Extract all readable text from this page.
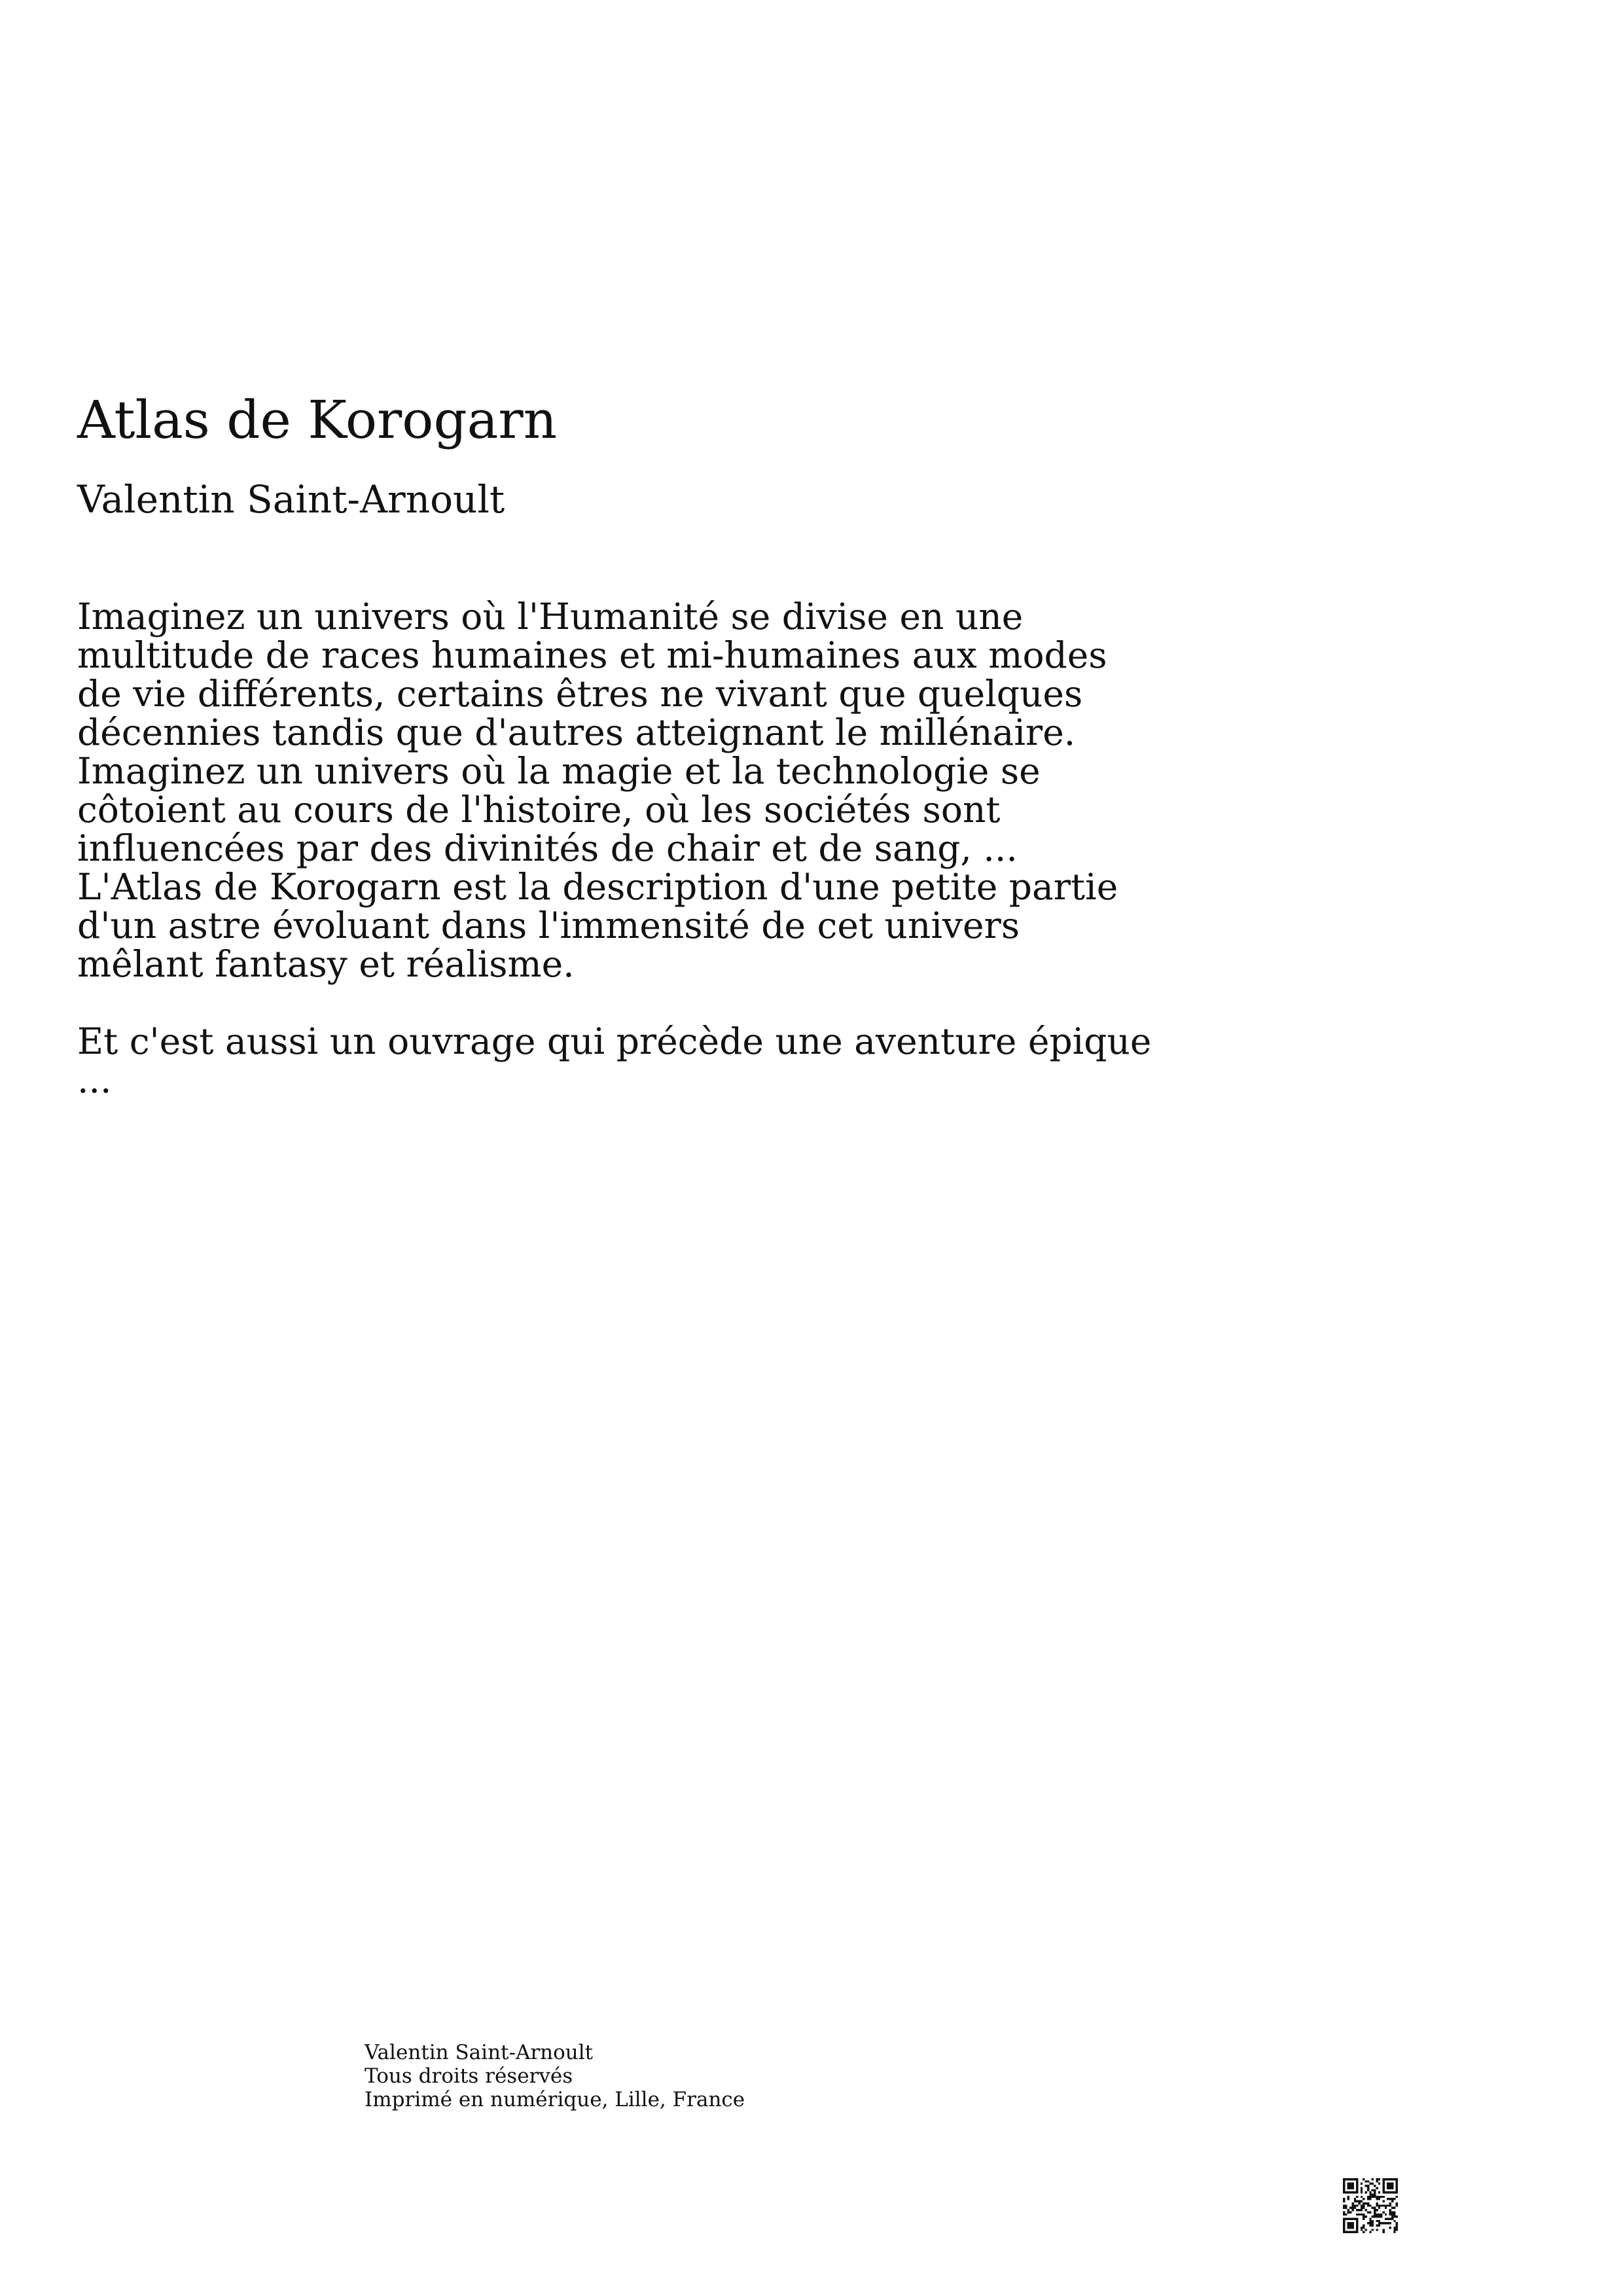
Atlas de Korogarn
Valentin Saint-Arnoult

Imaginez un univers où l'Humanité se divise en une

multitude de races humaines et mi-humaines aux modes

de vie différents, certains êtres ne vivant que quelques

décennies tandis que d'autres atteignant le millénaire.

Imaginez un univers où la magie et la technologie se

côtoient au cours de l'histoire, où les sociétés sont

influencées par des divinités de chair et de sang, ...

L'Atlas de Korogarn est la description d'une petite partie

d'un astre évoluant dans l'immensité de cet univers

mêlant fantasy et réalisme.

Et c'est aussi un ouvrage qui précède une aventure épique

...

Valentin Saint-Arnoult

Tous droits réservés

Imprimé en numérique, Lille, France
